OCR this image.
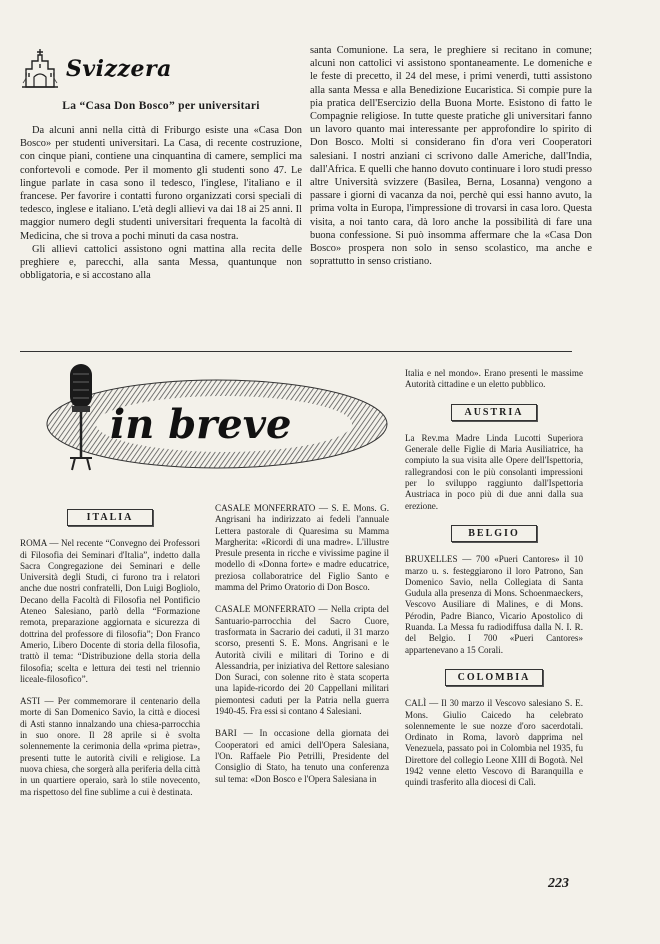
Svizzera
La “Casa Don Bosco” per universitari

Da alcuni anni nella città di Friburgo esiste una «Casa Don Bosco» per studenti universitari. La Casa, di recente costruzione, con cinque piani, contiene una cinquantina di camere, semplici ma confortevoli e comode. Per il momento gli studenti sono 47. Le lingue parlate in casa sono il tedesco, l'inglese, l'italiano e il francese. Per favorire i contatti furono organizzati corsi speciali di tedesco, inglese e italiano. L'età degli allievi va dai 18 ai 25 anni. Il maggior numero degli studenti universitari frequenta la facoltà di Medicina, che si trova a pochi minuti da casa nostra.

Gli allievi cattolici assistono ogni mattina alla recita delle preghiere e, parecchi, alla santa Messa, quantunque non obbligatoria, e si accostano alla

santa Comunione. La sera, le preghiere si recitano in comune; alcuni non cattolici vi assistono spontaneamente. Le domeniche e le feste di precetto, il 24 del mese, i primi venerdì, tutti assistono alla santa Messa e alla Benedizione Eucaristica. Si compie pure la pia pratica dell'Esercizio della Buona Morte. Esistono di fatto le Compagnie religiose. In tutte queste pratiche gli universitari fanno un lavoro quanto mai interessante per approfondire lo spirito di Don Bosco. Molti si considerano fin d'ora veri Cooperatori salesiani. I nostri anziani ci scrivono dalle Americhe, dall'India, dall'Africa. E quelli che hanno dovuto continuare i loro studi presso altre Università svizzere (Basilea, Berna, Losanna) vengono a passare i giorni di vacanza da noi, perchè qui essi hanno avuto, la prima volta in Europa, l'impressione di trovarsi in casa loro. Questa visita, a noi tanto cara, dà loro anche la possibilità di fare una buona confessione. Si può insomma affermare che la «Casa Don Bosco» prospera non solo in senso scolastico, ma anche e soprattutto in senso cristiano.

in breve
ITALIA

ROMA — Nel recente “Convegno dei Professori di Filosofia dei Seminari d'Italia”, indetto dalla Sacra Congregazione dei Seminari e delle Università degli Studi, ci furono tra i relatori anche due nostri confratelli, Don Luigi Bogliolo, Decano della Facoltà di Filosofia nel Pontificio Ateneo Salesiano, parlò della “Formazione remota, preparazione aggiornata e sicurezza di dottrina del professore di filosofia”; Don Franco Amerio, Libero Docente di storia della filosofia, trattò il tema: “Distribuzione della storia della filosofia; scelta e lettura dei testi nel triennio liceale-filosofico”.

ASTI — Per commemorare il centenario della morte di San Domenico Savio, la città e diocesi di Asti stanno innalzando una chiesa-parrocchia in suo onore. Il 28 aprile si è svolta solennemente la cerimonia della «prima pietra», presenti tutte le autorità civili e religiose. La nuova chiesa, che sorgerà alla periferia della città in un quartiere operaio, sarà lo stile novecento, ma rispettoso del fine sublime a cui è destinata.

CASALE MONFERRATO — S. E. Mons. G. Angrisani ha indirizzato ai fedeli l'annuale Lettera pastorale di Quaresima su Mamma Margherita: «Ricordi di una madre». L'illustre Presule presenta in ricche e vivissime pagine il modello di «Donna forte» e madre educatrice, preziosa collaboratrice del Figlio Santo e mamma del Primo Oratorio di Don Bosco.

CASALE MONFERRATO — Nella cripta del Santuario-parrocchia del Sacro Cuore, trasformata in Sacrario dei caduti, il 31 marzo scorso, presenti S. E. Mons. Angrisani e le Autorità civili e militari di Torino e di Alessandria, per iniziativa del Rettore salesiano Don Suraci, con solenne rito è stata scoperta una lapide-ricordo dei 20 Cappellani militari piemontesi caduti per la Patria nella guerra 1940-45. Fra essi si contano 4 Salesiani.

BARI — In occasione della giornata dei Cooperatori ed amici dell'Opera Salesiana, l'On. Raffaele Pio Petrilli, Presidente del Consiglio di Stato, ha tenuto una conferenza sul tema: «Don Bosco e l'Opera Salesiana in

Italia e nel mondo». Erano presenti le massime Autorità cittadine e un eletto pubblico.

AUSTRIA

La Rev.ma Madre Linda Lucotti Superiora Generale delle Figlie di Maria Ausiliatrice, ha compiuto la sua visita alle Opere dell'Ispettoria, rallegrandosi con le più consolanti impressioni per lo sviluppo raggiunto dall'Ispettoria Austriaca in poco più di due anni dalla sua erezione.

BELGIO

BRUXELLES — 700 «Pueri Cantores» il 10 marzo u. s. festeggiarono il loro Patrono, San Domenico Savio, nella Collegiata di Santa Gudula alla presenza di Mons. Schoenmaeckers, Vescovo Ausiliare di Malines, e di Mons. Pérodin, Padre Bianco, Vicario Apostolico di Ruanda. La Messa fu radiodiffusa dalla N. I. R. del Belgio. I 700 «Pueri Cantores» appartenevano a 15 Corali.

COLOMBIA

CALÌ — Il 30 marzo il Vescovo salesiano S. E. Mons. Giulio Caicedo ha celebrato solennemente le sue nozze d'oro sacerdotali. Ordinato in Roma, lavorò dapprima nel Venezuela, passato poi in Colombia nel 1935, fu Direttore del collegio Leone XIII di Bogotà. Nel 1942 venne eletto Vescovo di Baranquilla e quindi trasferito alla diocesi di Calì.

223
